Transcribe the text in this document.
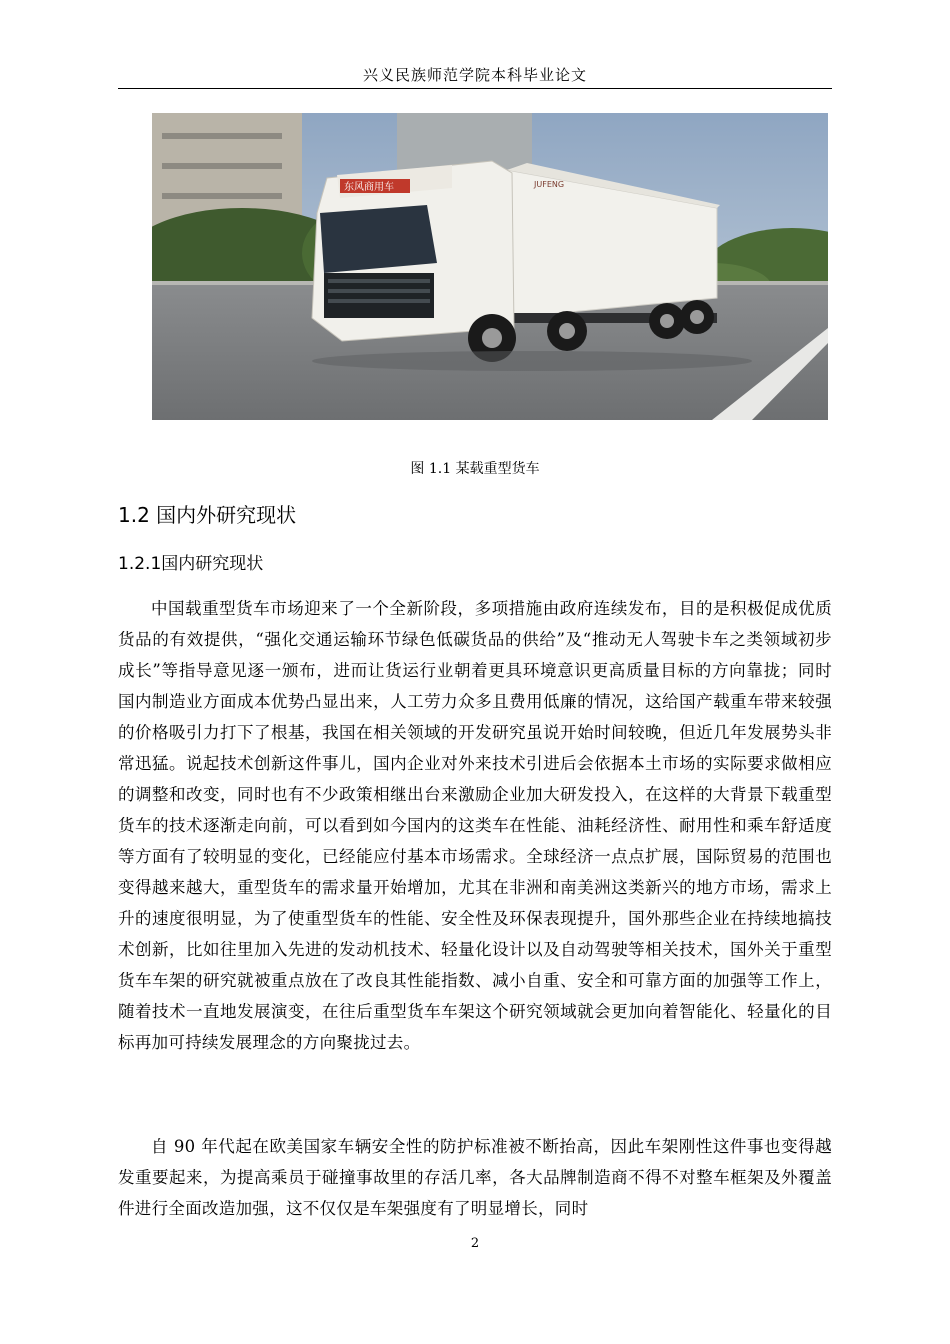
兴义民族师范学院本科毕业论文
东风商用车	JUFENG
图 1.1 某载重型货车
1.2 国内外研究现状
1.2.1国内研究现状

中国载重型货车市场迎来了一个全新阶段，多项措施由政府连续发布，目的是积极促成优质货品的有效提供，“强化交通运输环节绿色低碳货品的供给”及“推动无人驾驶卡车之类领域初步成长”等指导意见逐一颁布，进而让货运行业朝着更具环境意识更高质量目标的方向靠拢；同时国内制造业方面成本优势凸显出来，人工劳力众多且费用低廉的情况，这给国产载重车带来较强的价格吸引力打下了根基，我国在相关领域的开发研究虽说开始时间较晚，但近几年发展势头非常迅猛。说起技术创新这件事儿，国内企业对外来技术引进后会依据本土市场的实际要求做相应的调整和改变，同时也有不少政策相继出台来激励企业加大研发投入，在这样的大背景下载重型货车的技术逐渐走向前，可以看到如今国内的这类车在性能、油耗经济性、耐用性和乘车舒适度等方面有了较明显的变化，已经能应付基本市场需求。全球经济一点点扩展，国际贸易的范围也变得越来越大，重型货车的需求量开始增加，尤其在非洲和南美洲这类新兴的地方市场，需求上升的速度很明显，为了使重型货车的性能、安全性及环保表现提升，国外那些企业在持续地搞技术创新，比如往里加入先进的发动机技术、轻量化设计以及自动驾驶等相关技术，国外关于重型货车车架的研究就被重点放在了改良其性能指数、减小自重、安全和可靠方面的加强等工作上，随着技术一直地发展演变，在往后重型货车车架这个研究领域就会更加向着智能化、轻量化的目标再加可持续发展理念的方向聚拢过去。

自 90 年代起在欧美国家车辆安全性的防护标准被不断抬高，因此车架刚性这件事也变得越发重要起来，为提高乘员于碰撞事故里的存活几率，各大品牌制造商不得不对整车框架及外覆盖件进行全面改造加强，这不仅仅是车架强度有了明显增长，同时

2
